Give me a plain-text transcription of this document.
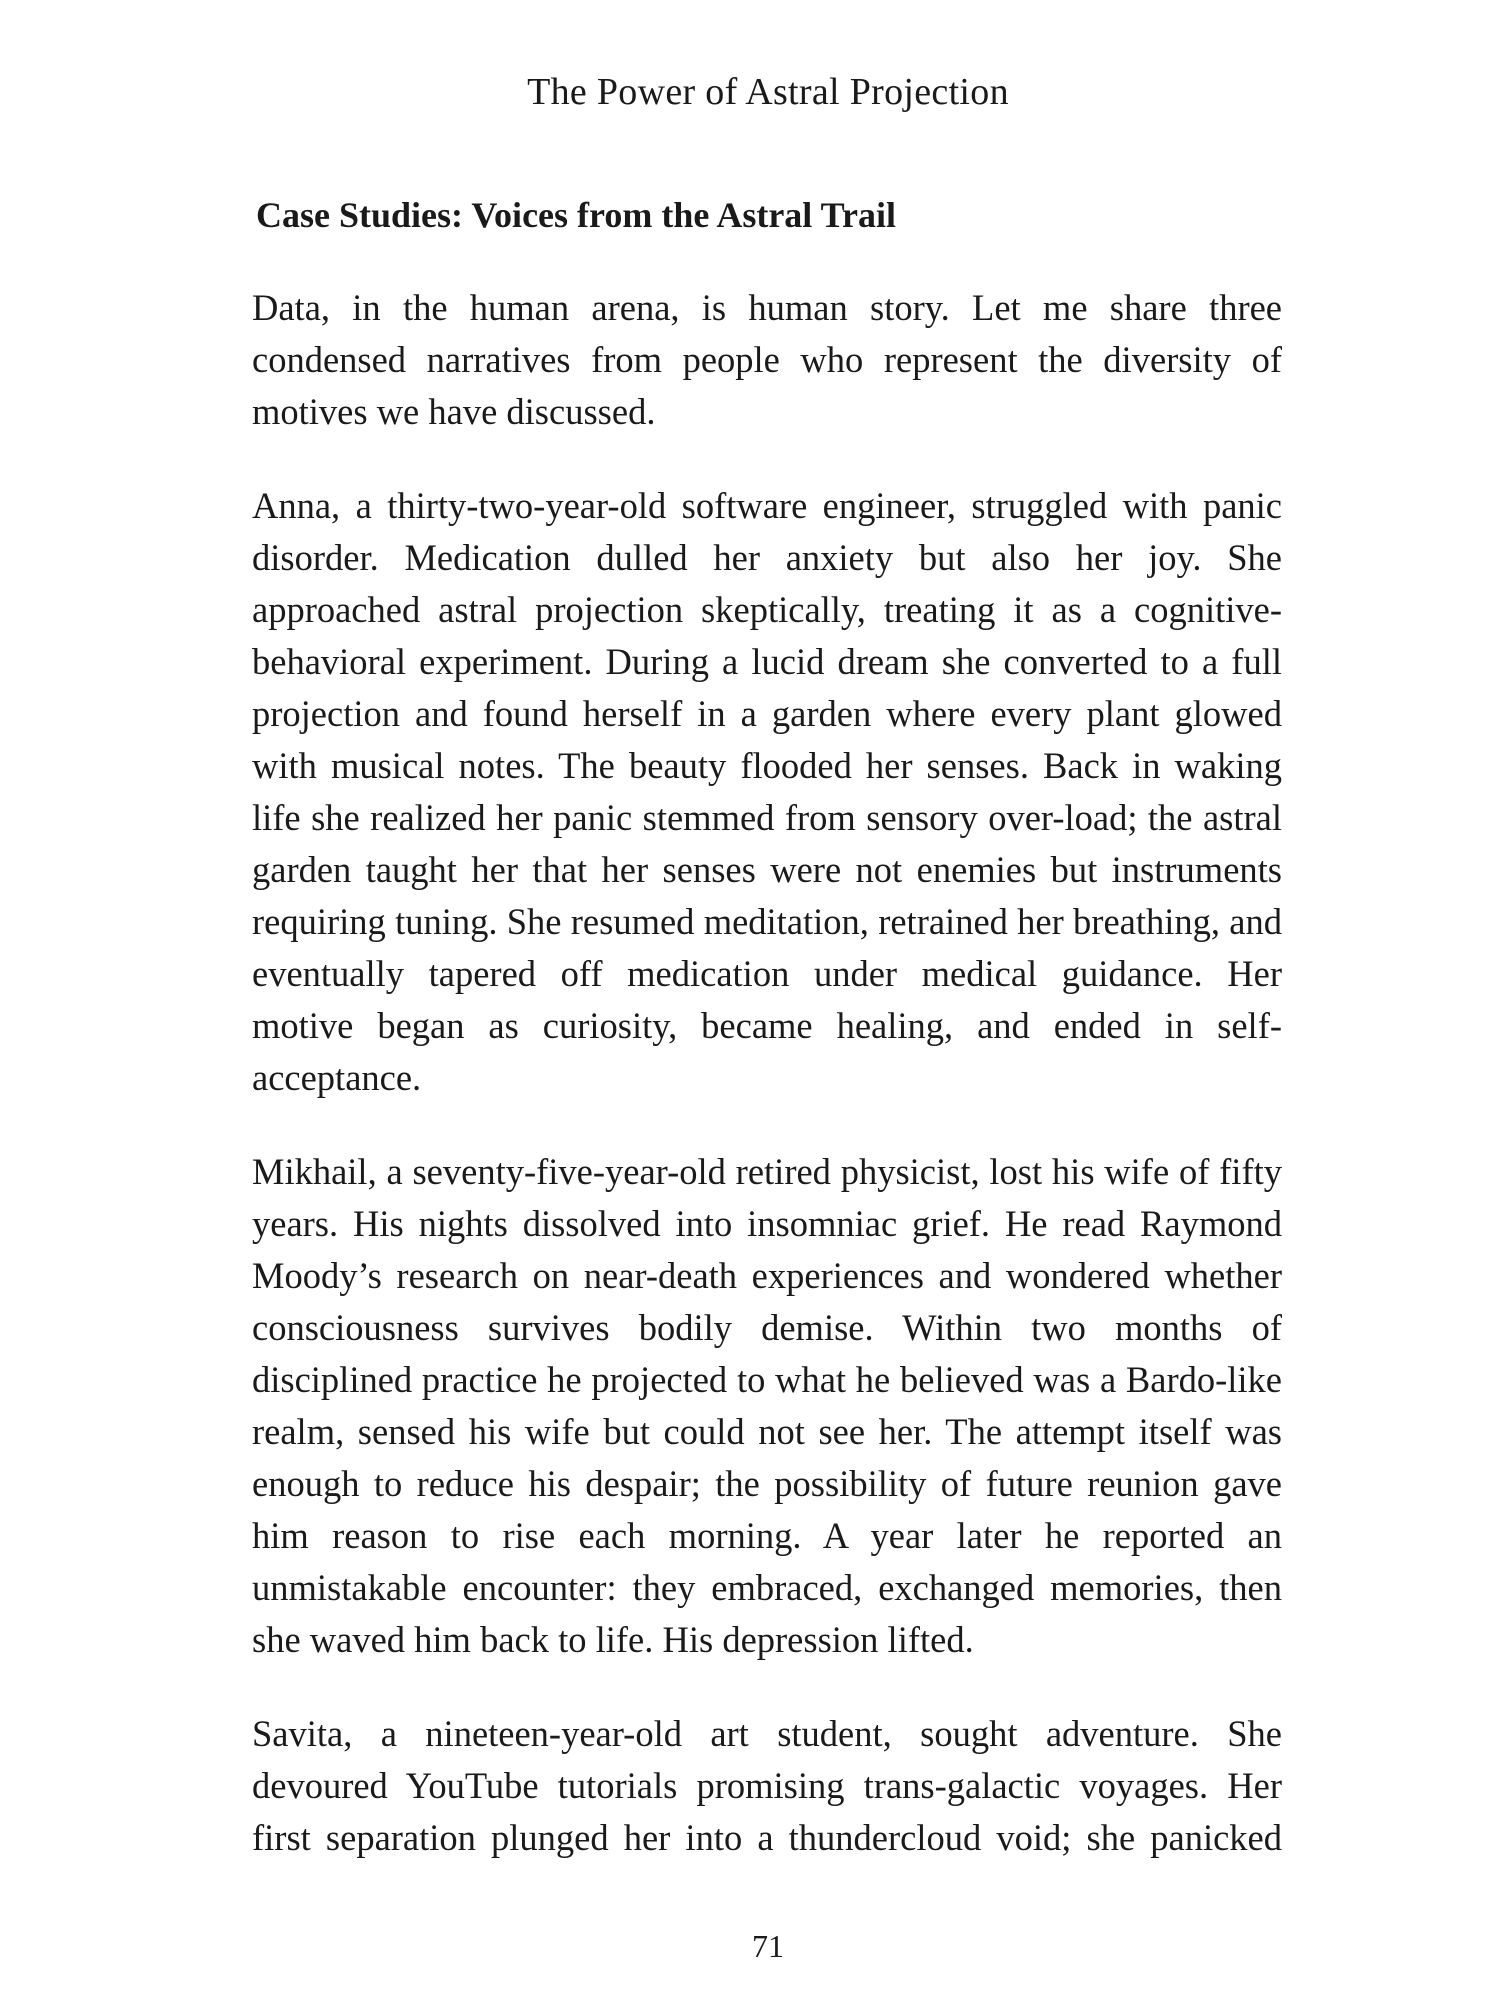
The Power of Astral Projection
Case Studies: Voices from the Astral Trail

Data, in the human arena, is human story. Let me share three condensed narratives from people who represent the diversity of motives we have discussed.

Anna, a thirty-two-year-old software engineer, struggled with panic disorder. Medication dulled her anxiety but also her joy. She approached astral projection skeptically, treating it as a cognitive-behavioral experiment. During a lucid dream she converted to a full projection and found herself in a garden where every plant glowed with musical notes. The beauty flooded her senses. Back in waking life she realized her panic stemmed from sensory over-load; the astral garden taught her that her senses were not enemies but instruments requiring tuning. She resumed meditation, retrained her breathing, and eventually tapered off medication under medical guidance. Her motive began as curiosity, became healing, and ended in self-acceptance.

Mikhail, a seventy-five-year-old retired physicist, lost his wife of fifty years. His nights dissolved into insomniac grief. He read Raymond Moody’s research on near-death experiences and wondered whether consciousness survives bodily demise. Within two months of disciplined practice he projected to what he believed was a Bardo-like realm, sensed his wife but could not see her. The attempt itself was enough to reduce his despair; the possibility of future reunion gave him reason to rise each morning. A year later he reported an unmistakable encounter: they embraced, exchanged memories, then she waved him back to life. His depression lifted.

Savita, a nineteen-year-old art student, sought adventure. She devoured YouTube tutorials promising trans-galactic voyages. Her first separation plunged her into a thundercloud void; she panicked

71
